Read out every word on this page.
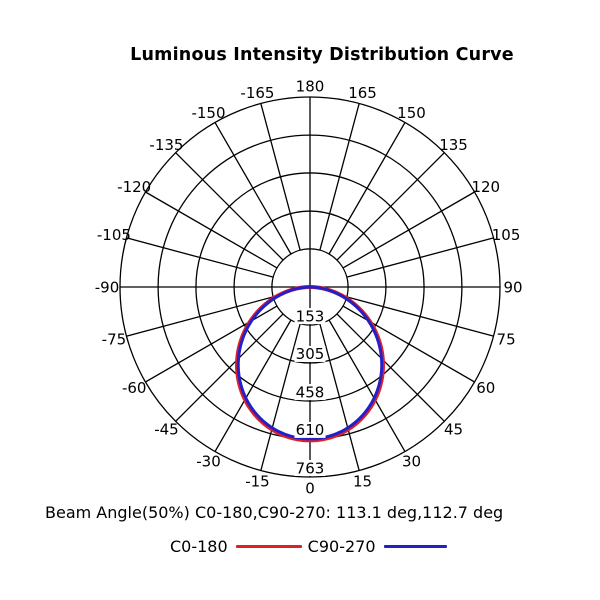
Luminous Intensity Distribution Curve
180 165
150
135
120
105
90
75
60
45
30
15
0
-15
-30
-45
-60
-75
-90
-105
-120
-135
-150
-165
153
305
458
610
763
Beam Angle(50%) C0-180,C90-270: 113.1 deg,112.7 deg
C0-180	C90-270
